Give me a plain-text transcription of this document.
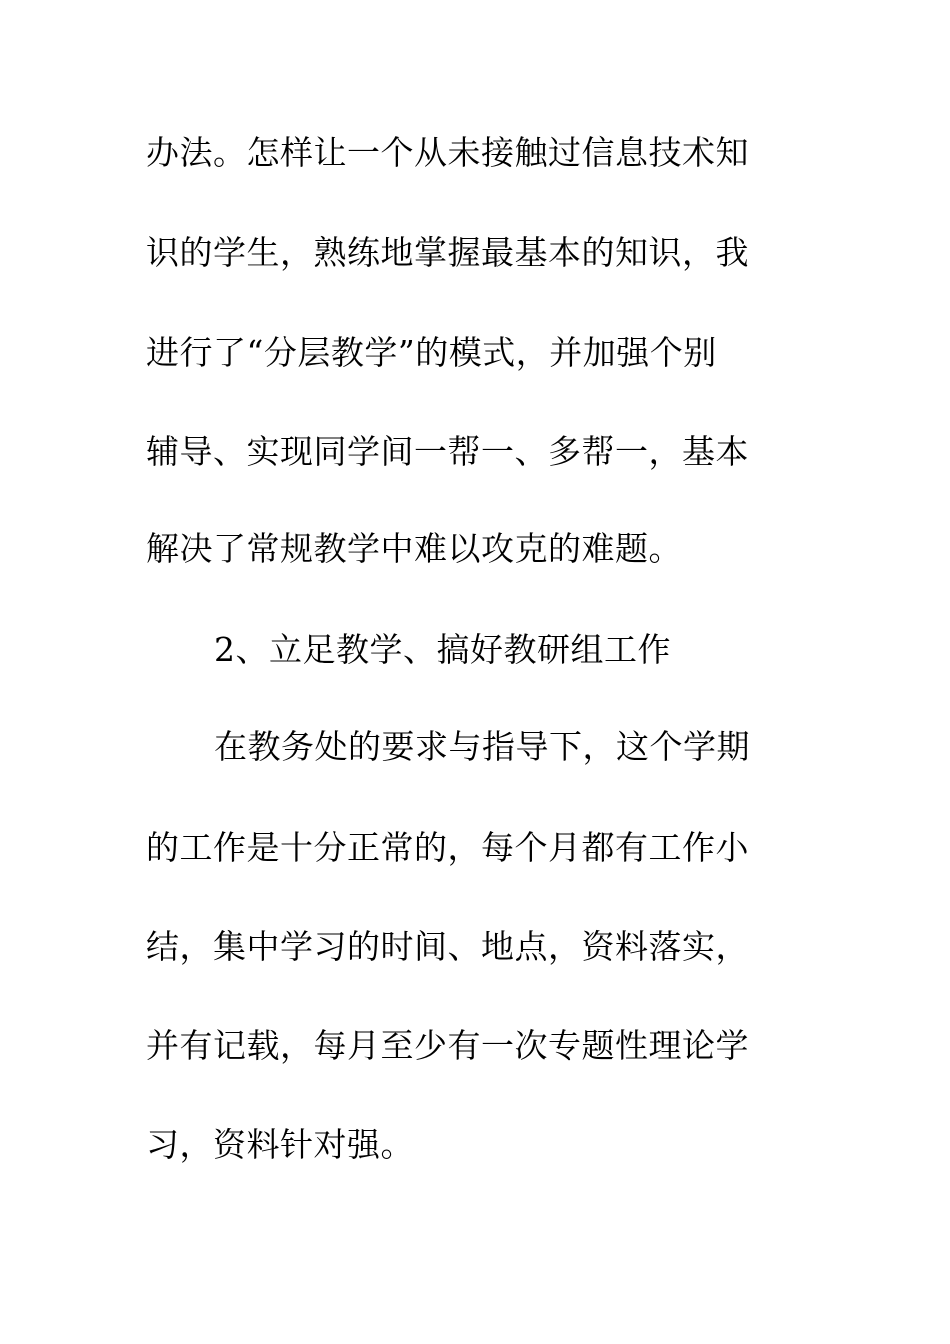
办法。怎样让一个从未接触过信息技术知
识的学生，熟练地掌握最基本的知识，我
进行了“分层教学”的模式，并加强个别
辅导、实现同学间一帮一、多帮一，基本
解决了常规教学中难以攻克的难题。
2、立足教学、搞好教研组工作
在教务处的要求与指导下，这个学期
的工作是十分正常的，每个月都有工作小
结，集中学习的时间、地点，资料落实，
并有记载，每月至少有一次专题性理论学
习，资料针对强。
